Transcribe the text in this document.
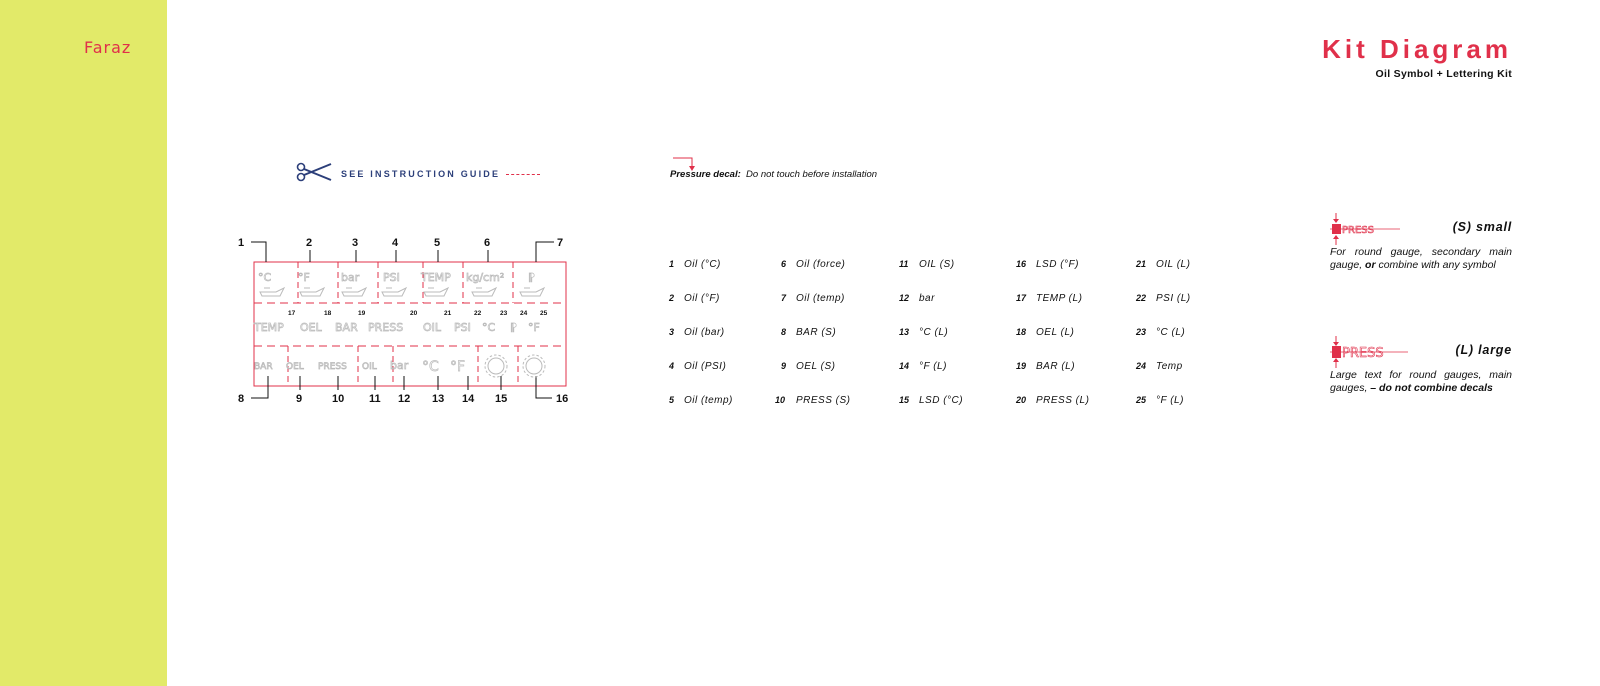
Faraz	Kit Diagram
Oil Symbol + Lettering Kit
SEE INSTRUCTION GUIDE	Pressure decal: Do not touch before installation
1	2	3	4	5	6	7
8	9	10 11 12 13 14 15	16
°C °F	bar PSI TEMP kg/cm² ⁋
17	18	19	20	21	22	23 24 25
TEMP OEL BAR PRESS OIL PSI °C ⁋ °F
BAR OEL PRESS OIL bar °C °F
1 Oil (°C)
2 Oil (°F)
3 Oil (bar)
4 Oil (PSI)
5 Oil (temp)
6 Oil (force)
7 Oil (temp)
8 BAR (S)
9 OEL (S)
10 PRESS (S)
11 OIL (S)
12 bar
13 °C (L)
14 °F (L)
15 LSD (°C)
16 LSD (°F)
17 TEMP (L)
18 OEL (L)
19 BAR (L)
20 PRESS (L)
21 OIL (L)
22 PSI (L)
23 °C (L)
24 Temp
25 °F (L)
PRESS	(S) small
For round gauge, secondary main gauge, or combine with any symbol
PRESS	(L) large
Large text for round gauges, main gauges, – do not combine decals
